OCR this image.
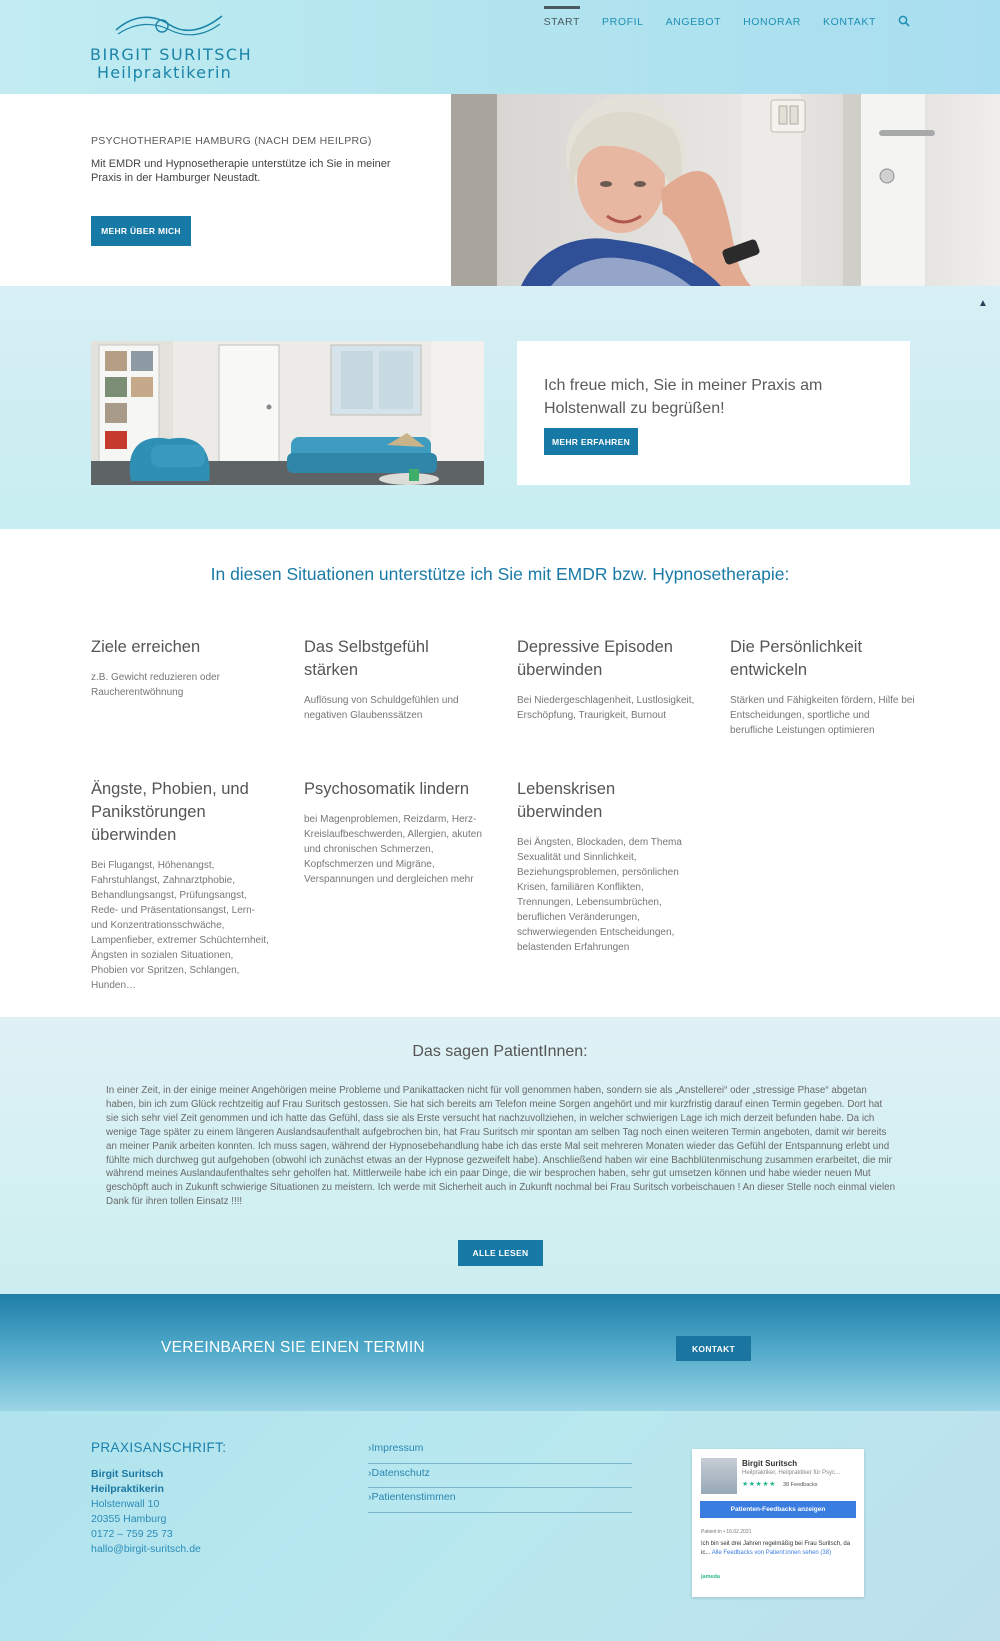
BIRGIT SURITSCH
Heilpraktikerin
START PROFIL ANGEBOT HONORAR KONTAKT
PSYCHOTHERAPIE HAMBURG (NACH DEM HEILPRG)
Mit EMDR und Hypnosetherapie unterstütze ich Sie in meiner Praxis in der Hamburger Neustadt.
MEHR ÜBER MICH
Ich freue mich, Sie in meiner Praxis am Holstenwall zu begrüßen!
MEHR ERFAHREN
▲
In diesen Situationen unterstütze ich Sie mit EMDR bzw. Hypnosetherapie:
Ziele erreichen

z.B. Gewicht reduzieren oder Raucherentwöhnung

Das Selbstgefühl stärken

Auflösung von Schuldgefühlen und negativen Glaubenssätzen

Depressive Episoden überwinden

Bei Niedergeschlagenheit, Lustlosigkeit, Erschöpfung, Traurigkeit, Burnout

Die Persönlichkeit entwickeln

Stärken und Fähigkeiten fördern, Hilfe bei Entscheidungen, sportliche und berufliche Leistungen optimieren

Ängste, Phobien, und Panikstörungen überwinden

Bei Flugangst, Höhenangst, Fahrstuhlangst, Zahnarztphobie, Behandlungsangst, Prüfungsangst, Rede- und Präsentationsangst, Lern- und Konzentrationsschwäche, Lampenfieber, extremer Schüchternheit, Ängsten in sozialen Situationen, Phobien vor Spritzen, Schlangen, Hunden…

Psychosomatik lindern

bei Magenproblemen, Reizdarm, Herz- Kreislaufbeschwerden, Allergien, akuten und chronischen Schmerzen, Kopfschmerzen und Migräne, Verspannungen und dergleichen mehr

Lebenskrisen überwinden

Bei Ängsten, Blockaden, dem Thema Sexualität und Sinnlichkeit, Beziehungsproblemen, persönlichen Krisen, familiären Konflikten, Trennungen, Lebensumbrüchen, beruflichen Veränderungen, schwerwiegenden Entscheidungen, belastenden Erfahrungen

Das sagen PatientInnen:
In einer Zeit, in der einige meiner Angehörigen meine Probleme und Panikattacken nicht für voll genommen haben, sondern sie als „Anstellerei“ oder „stressige Phase“ abgetan haben, bin ich zum Glück rechtzeitig auf Frau Suritsch gestossen. Sie hat sich bereits am Telefon meine Sorgen angehört und mir kurzfristig darauf einen Termin gegeben. Dort hat sie sich sehr viel Zeit genommen und ich hatte das Gefühl, dass sie als Erste versucht hat nachzuvollziehen, in welcher schwierigen Lage ich mich derzeit befunden habe. Da ich wenige Tage später zu einem längeren Auslandsaufenthalt aufgebrochen bin, hat Frau Suritsch mir spontan am selben Tag noch einen weiteren Termin angeboten, damit wir bereits an meiner Panik arbeiten konnten. Ich muss sagen, während der Hypnosebehandlung habe ich das erste Mal seit mehreren Monaten wieder das Gefühl der Entspannung erlebt und fühlte mich durchweg gut aufgehoben (obwohl ich zunächst etwas an der Hypnose gezweifelt habe). Anschließend haben wir eine Bachblütenmischung zusammen erarbeitet, die mir während meines Auslandaufenthaltes sehr geholfen hat. Mittlerweile habe ich ein paar Dinge, die wir besprochen haben, sehr gut umsetzen können und habe wieder neuen Mut geschöpft auch in Zukunft schwierige Situationen zu meistern. Ich werde mit Sicherheit auch in Zukunft nochmal bei Frau Suritsch vorbeischauen ! An dieser Stelle noch einmal vielen Dank für ihren tollen Einsatz !!!!
ALLE LESEN
VEREINBAREN SIE EINEN TERMIN	KONTAKT
PRAXISANSCHRIFT:
Birgit Suritsch
Heilpraktikerin
Holstenwall 10
20355 Hamburg
0172 – 759 25 73
hallo@birgit-suritsch.de
›Impressum
›Datenschutz
›Patientenstimmen
Birgit Suritsch
Heilpraktiker, Heilpraktiker für Psyc...
★★★★★ 38 Feedbacks
Patienten-Feedbacks anzeigen
Patient:in • 16.02.2021
Ich bin seit drei Jahren regelmäßig bei Frau Suritsch, da ic... Alle Feedbacks von Patient:innen sehen (38)
jameda
